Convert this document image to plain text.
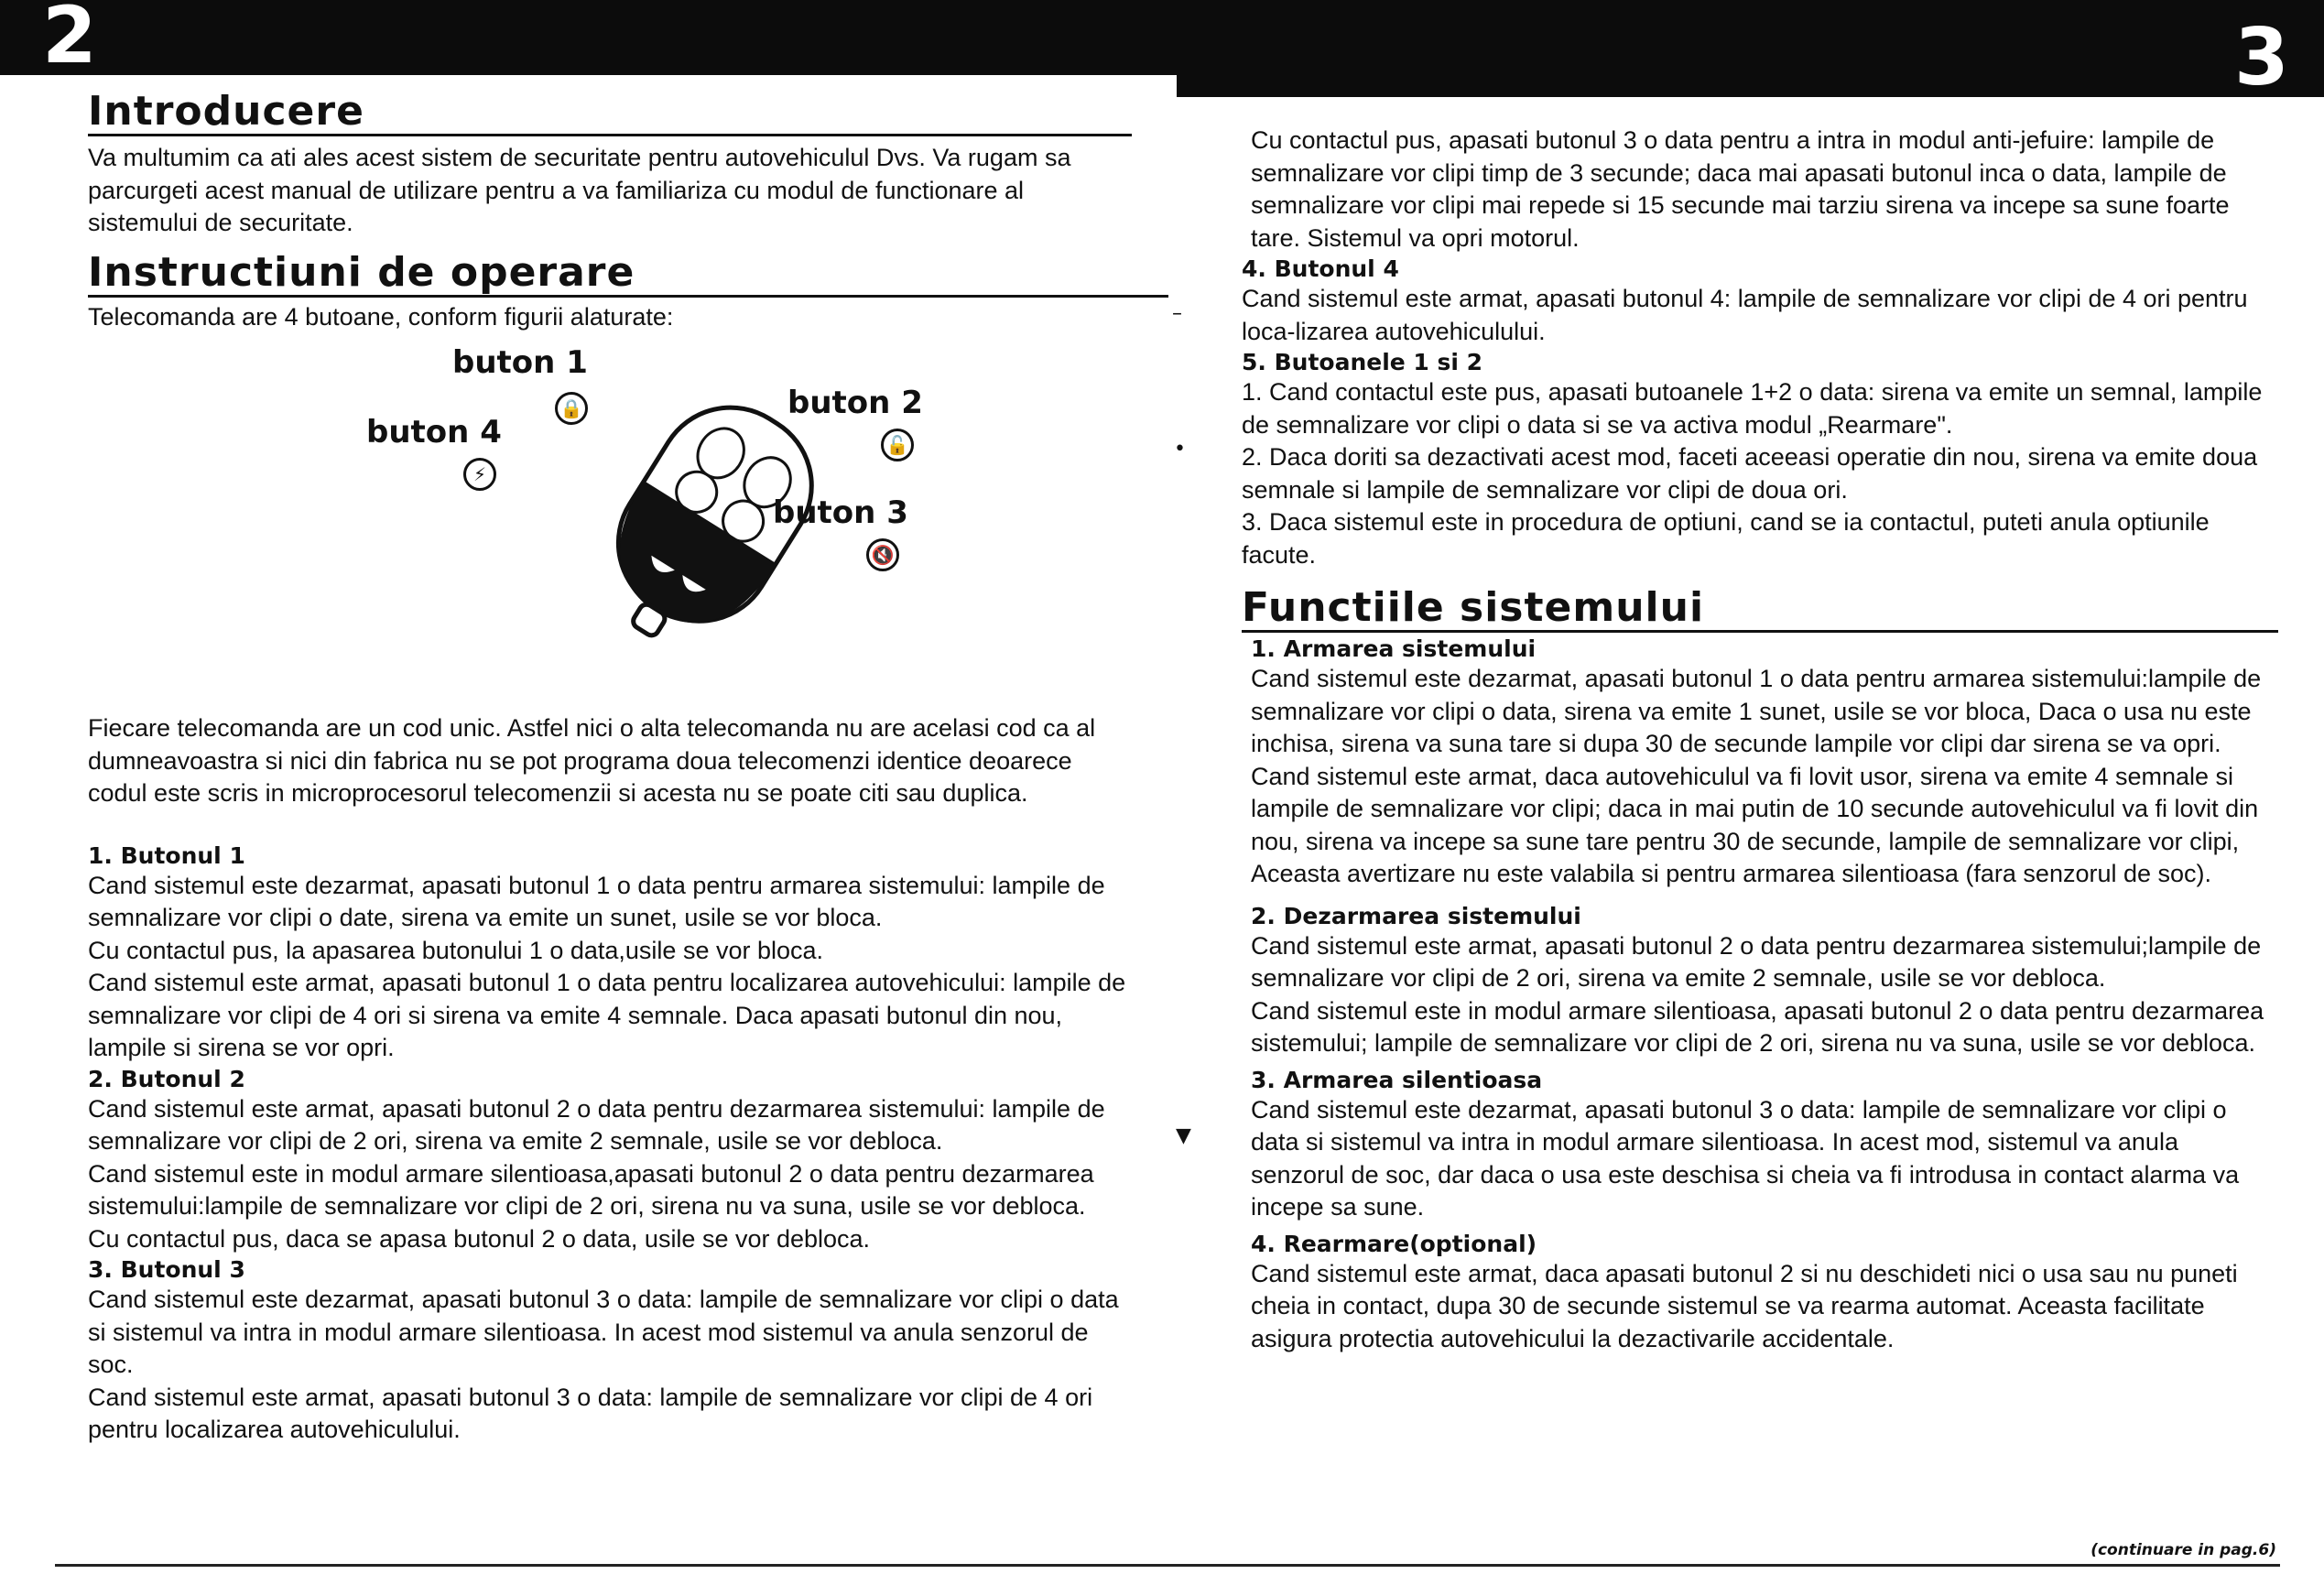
2	3
Introducere

Va multumim ca ati ales acest sistem de securitate pentru autovehiculul Dvs. Va rugam sa parcurgeti acest manual de utilizare pentru a va familiariza cu modul de functionare al sistemului de securitate.

Instructiuni de operare

Telecomanda are 4 butoane, conform figurii alaturate:

buton 1
🔒
buton 4
⚡
buton 2
🔓
buton 3
🔇

Fiecare telecomanda are un cod unic. Astfel nici o alta telecomanda nu are acelasi cod ca al dumneavoastra si nici din fabrica nu se pot programa doua telecomenzi identice deoarece codul este scris in microprocesorul telecomenzii si acesta nu se poate citi sau duplica.

1. Butonul 1

Cand sistemul este dezarmat, apasati butonul 1 o data pentru armarea sistemului: lampile de semnalizare vor clipi o date, sirena va emite un sunet, usile se vor bloca.

Cu contactul pus, la apasarea butonului 1 o data,usile se vor bloca.

Cand sistemul este armat, apasati butonul 1 o data pentru localizarea autovehicului: lampile de semnalizare vor clipi de 4 ori si sirena va emite 4 semnale. Daca apasati butonul din nou, lampile si sirena se vor opri.

2. Butonul 2

Cand sistemul este armat, apasati butonul 2 o data pentru dezarmarea sistemului: lampile de semnalizare vor clipi de 2 ori, sirena va emite 2 semnale, usile se vor debloca.

Cand sistemul este in modul armare silentioasa,apasati butonul 2 o data pentru dezarmarea sistemului:lampile de semnalizare vor clipi de 2 ori, sirena nu va suna, usile se vor debloca.

Cu contactul pus, daca se apasa butonul 2 o data, usile se vor debloca.

3. Butonul 3

Cand sistemul este dezarmat, apasati butonul 3 o data: lampile de semnalizare vor clipi o data si sistemul va intra in modul armare silentioasa. In acest mod sistemul va anula senzorul de soc.

Cand sistemul este armat, apasati butonul 3 o data: lampile de semnalizare vor clipi de 4 ori pentru localizarea autovehiculului.

–
•
▼

Cu contactul pus, apasati butonul 3 o data pentru a intra in modul anti-jefuire: lampile de semnalizare vor clipi timp de 3 secunde; daca mai apasati butonul inca o data, lampile de semnalizare vor clipi mai repede si 15 secunde mai tarziu sirena va incepe sa sune foarte tare. Sistemul va opri motorul.

4. Butonul 4

Cand sistemul este armat, apasati butonul 4: lampile de semnalizare vor clipi de 4 ori pentru loca-lizarea autovehiculului.

5. Butoanele 1 si 2

1. Cand contactul este pus, apasati butoanele 1+2 o data: sirena va emite un semnal, lampile de semnalizare vor clipi o data si se va activa modul „Rearmare".

2. Daca doriti sa dezactivati acest mod, faceti aceeasi operatie din nou, sirena va emite doua semnale si lampile de semnalizare vor clipi de doua ori.

3. Daca sistemul este in procedura de optiuni, cand se ia contactul, puteti anula optiunile facute.

Functiile sistemului
1. Armarea sistemului

Cand sistemul este dezarmat, apasati butonul 1 o data pentru armarea sistemului:lampile de semnalizare vor clipi o data, sirena va emite 1 sunet, usile se vor bloca, Daca o usa nu este inchisa, sirena va suna tare si dupa 30 de secunde lampile vor clipi dar sirena se va opri.

Cand sistemul este armat, daca autovehiculul va fi lovit usor, sirena va emite 4 semnale si lampile de semnalizare vor clipi; daca in mai putin de 10 secunde autovehiculul va fi lovit din nou, sirena va incepe sa sune tare pentru 30 de secunde, lampile de semnalizare vor clipi, Aceasta avertizare nu este valabila si pentru armarea silentioasa (fara senzorul de soc).

2. Dezarmarea sistemului

Cand sistemul este armat, apasati butonul 2 o data pentru dezarmarea sistemului;lampile de semnalizare vor clipi de 2 ori, sirena va emite 2 semnale, usile se vor debloca.

Cand sistemul este in modul armare silentioasa, apasati butonul 2 o data pentru dezarmarea sistemului; lampile de semnalizare vor clipi de 2 ori, sirena nu va suna, usile se vor debloca.

3. Armarea silentioasa

Cand sistemul este dezarmat, apasati butonul 3 o data: lampile de semnalizare vor clipi o data si sistemul va intra in modul armare silentioasa. In acest mod, sistemul va anula senzorul de soc, dar daca o usa este deschisa si cheia va fi introdusa in contact alarma va incepe sa sune.

4. Rearmare(optional)

Cand sistemul este armat, daca apasati butonul 2 si nu deschideti nici o usa sau nu puneti cheia in contact, dupa 30 de secunde sistemul se va rearma automat. Aceasta facilitate asigura protectia autovehicului la dezactivarile accidentale.

(continuare in pag.6)
